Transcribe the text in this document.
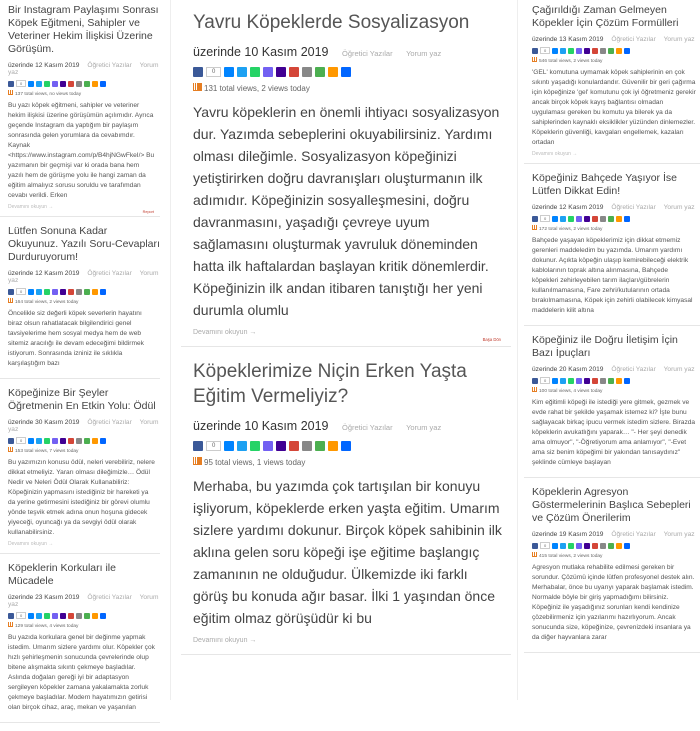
Bir Instagram Paylaşımı Sonrası Köpek Eğitmeni, Sahipler ve Veteriner Hekim İlişkisi Üzerine Görüşüm.
üzerinde 12 Kasım 2019 Öğretici Yazılar Yorum yaz
0
137 total views, no views today
Bu yazı köpek eğitmeni, sahipler ve veteriner hekim ilişkisi üzerine görüşümün açılımıdır. Ayrıca geçende Instagram da yaptığım bir paylaşım sonrasında gelen yorumlara da cevabımdır. Kaynak <https://www.instagram.com/p/B4hjNGwFkeI/> Bu yazımanın bir geçmişi var ki orada bana hem yazılı hem de görüşme yolu ile hangi zaman da eğitim almalıyız sorusu soruldu ve tarafımdan cevabı verildi. Erken
Devamını okuyun →
Report
Lütfen Sonuna Kadar Okuyunuz. Yazılı Soru-Cevapları Durduruyorum!
üzerinde 12 Kasım 2019 Öğretici Yazılar Yorum yaz
0
164 total views, 2 views today
Öncelikle siz değerli köpek severlerin hayatını biraz olsun rahatlatacak bilgilendirici genel tavsiyelerime hem sosyal medya hem de web sitemiz aracılığı ile devam edeceğimi bildirmek istiyorum. Sonrasında izniniz ile sıklıkla karşılaştığım bazı
Köpeğinize Bir Şeyler Öğretmenin En Etkin Yolu: Ödül
üzerinde 30 Kasım 2019 Öğretici Yazılar Yorum yaz
0
153 total views, 7 views today
Bu yazımızın konusu ödül, neleri verebiliriz, nelere dikkat etmeliyiz. Yararı olması dileğimizle… Ödül Nedir ve Neleri Ödül Olarak Kullanabiliriz: Köpeğinizin yapmasını istediğiniz bir hareketi ya da yerine getirmesini istediğiniz bir görevi olumlu yönde teşvik etmek adına onun hoşuna gidecek yiyeceği, oyuncağı ya da sevgiyi ödül olarak kullanabilirsiniz.
Devamını okuyun →
Köpeklerin Korkuları ile Mücadele
üzerinde 23 Kasım 2019 Öğretici Yazılar Yorum yaz
0
129 total views, 4 views today
Bu yazıda korkulara genel bir değinme yapmak istedim. Umarım sizlere yardımı olur. Köpekler çok hızlı şehirleşmenin sonucunda çevrelerinde olup bitene alışmakta sıkıntı çekmeye başladılar. Aslında doğaları gereği iyi bir adaptasyon sergileyen köpekler zamana yakalamakta zorluk çekmeye başladılar. Modern hayatımızın getirisi olan birçok cihaz, araç, mekan ve yaşanılan
Yavru Köpeklerde Sosyalizasyon
üzerinde 10 Kasım 2019 Öğretici Yazılar Yorum yaz
0
131 total views, 2 views today
Yavru köpeklerin en önemli ihtiyacı sosyalizasyon dur. Yazımda sebeplerini okuyabilirsiniz. Yardımı olması dileğimle. Sosyalizasyon köpeğinizi yetiştirirken doğru davranışları oluşturmanın ilk adımıdır. Köpeğinizin sosyalleşmesini, doğru davranmasını, yaşadığı çevreye uyum sağlamasını oluşturmak yavruluk döneminden hatta ilk haftalardan başlayan kritik dönemlerdir. Köpeğinizin ilk andan itibaren tanıştığı her yeni durumla olumlu
Devamını okuyun →
Başa Dön
Köpeklerimize Niçin Erken Yaşta Eğitim Vermeliyiz?
üzerinde 10 Kasım 2019 Öğretici Yazılar Yorum yaz
0
95 total views, 1 views today
Merhaba, bu yazımda çok tartışılan bir konuyu işliyorum, köpeklerde erken yaşta eğitim. Umarım sizlere yardımı dokunur. Birçok köpek sahibinin ilk aklına gelen soru köpeği işe eğitime başlangıç zamanının ne olduğudur. Ülkemizde iki farklı görüş bu konuda ağır basar. İlki 1 yaşından önce eğitim olmaz görüşüdür ki bu
Devamını okuyun →
Çağırıldığı Zaman Gelmeyen Köpekler İçin Çözüm Formülleri
üzerinde 13 Kasım 2019 Öğretici Yazılar Yorum yaz
0
546 total views, 2 views today
'GEL' komutuna uymamak köpek sahiplerinin en çok sıkıntı yaşadığı konulardandır. Güvenilir bir geri çağırma için köpeğinize 'gel' komutunu çok iyi öğretmeniz gerekir ancak birçok köpek kayış bağlantısı olmadan uygulaması gereken bu komutu ya bilerek ya da sahiplerinden kaynaklı eksiklikler yüzünden dinlemezler. Köpeklerin güvenliği, kavgaları engellemek, kazaları ortadan
Devamını okuyun →
Köpeğiniz Bahçede Yaşıyor İse Lütfen Dikkat Edin!
üzerinde 12 Kasım 2019 Öğretici Yazılar Yorum yaz
0
172 total views, 2 views today
Bahçede yaşayan köpeklerimiz için dikkat etmemiz gerenleri maddeledim bu yazımda. Umarım yardımı dokunur. Açıkta köpeğin ulaşıp kemirebileceği elektrik kablolarının toprak altına alınmasına, Bahçede köpekleri zehirleyebilen tarım ilaçları/gübrelerin kullanılmamasına, Fare zehri/kutularının ortada bırakılmamasına, Köpek için zehirli olabilecek kimyasal maddelerin kilit altına
Köpeğiniz ile Doğru İletişim İçin Bazı İpuçları
üzerinde 20 Kasım 2019 Öğretici Yazılar Yorum yaz
0
100 total views, 4 views today
Kim eğitimli köpeği ile istediği yere gitmek, gezmek ve evde rahat bir şekilde yaşamak istemez ki? İşte bunu sağlayacak birkaç ipucu vermek istedim sizlere. Birazda köpeklerin avukatlığını yaparak… "- Her şeyi denedik ama olmuyor", "-Öğretiyorum ama anlamıyor", "-Evet ama siz benim köpeğimi bir yakından tanısaydınız" şeklinde cümleye başlayan
Köpeklerin Agresyon Göstermelerinin Başlıca Sebepleri ve Çözüm Önerilerim
üzerinde 19 Kasım 2019 Öğretici Yazılar Yorum yaz
0
415 total views, 2 views today
Agresyon mutlaka rehabilite edilmesi gereken bir sorundur. Çözümü içinde lütfen profesyonel destek alın. Merhabalar, önce bu uyarıyı yaparak başlamak istedim. Normalde böyle bir giriş yapmadığımı bilirsiniz. Köpeğiniz ile yaşadığınız sorunları kendi kendinize çözebilirmeniz için yazılarımı hazırlıyorum. Ancak sonucunda size, köpeğinize, çevrenizdeki insanlara ya da diğer hayvanlara zarar
